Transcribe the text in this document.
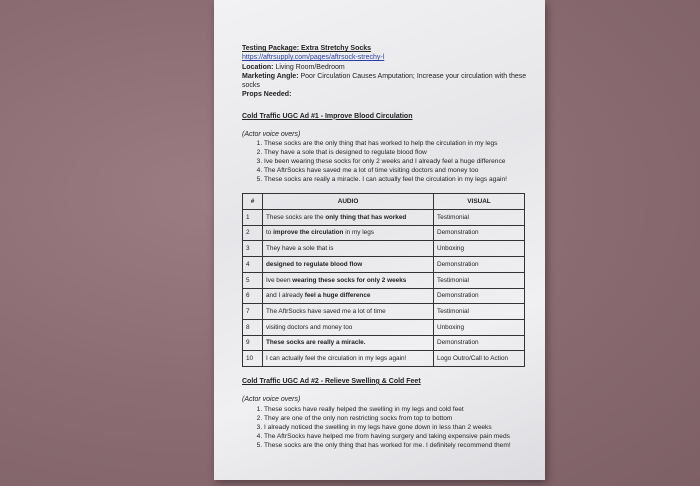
Testing Package: Extra Stretchy Socks
https://aftrsupply.com/pages/aftrsock-strechy-l
Location: Living Room/Bedroom
Marketing Angle: Poor Circulation Causes Amputation; Increase your circulation with these socks
Props Needed:
Cold Traffic UGC Ad #1 - Improve Blood Circulation
(Actor voice overs)
1. These socks are the only thing that has worked to help the circulation in my legs
2. They have a sole that is designed to regulate blood flow
3. Ive been wearing these socks for only 2 weeks and I already feel a huge difference
4. The AftrSocks have saved me a lot of time visiting doctors and money too
5. These socks are really a miracle. I can actually feel the circulation in my legs again!
#	AUDIO	VISUAL
1	These socks are the only thing that has worked	Testimonial
2	to improve the circulation in my legs	Demonstration
3	They have a sole that is	Unboxing
4	designed to regulate blood flow	Demonstration
5	Ive been wearing these socks for only 2 weeks	Testimonial
6	and I already feel a huge difference	Demonstration
7	The AftrSocks have saved me a lot of time	Testimonial
8	visiting doctors and money too	Unboxing
9	These socks are really a miracle.	Demonstration
10	I can actually feel the circulation in my legs again!	Logo Outro/Call to Action
Cold Traffic UGC Ad #2 - Relieve Swelling & Cold Feet
(Actor voice overs)
1. These socks have really helped the swelling in my legs and cold feet
2. They are one of the only non restricting socks from top to bottom
3. I already noticed the swelling in my legs have gone down in less than 2 weeks
4. The AftrSocks have helped me from having surgery and taking expensive pain meds
5. These socks are the only thing that has worked for me. I definitely recommend them!
